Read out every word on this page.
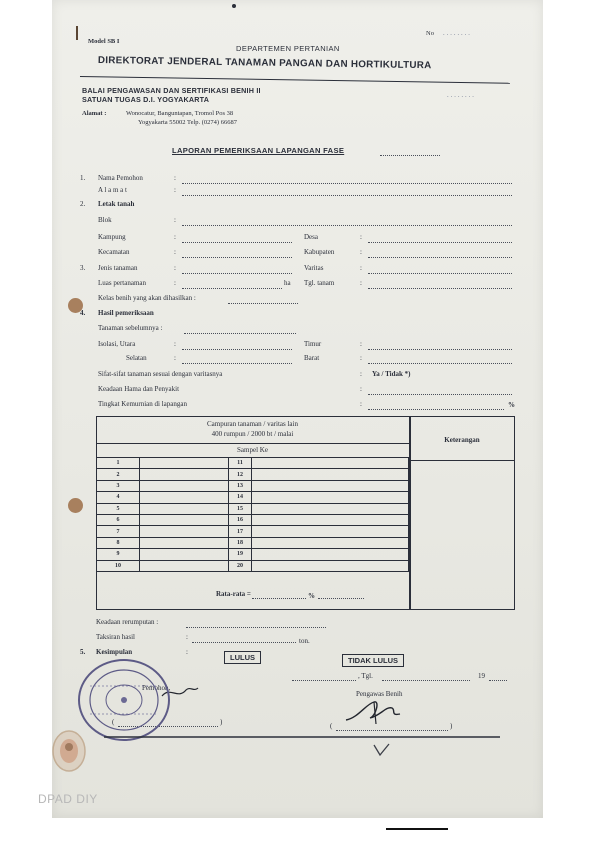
Model SB I
No ........
DEPARTEMEN PERTANIAN
DIREKTORAT JENDERAL TANAMAN PANGAN DAN HORTIKULTURA
BALAI PENGAWASAN DAN SERTIFIKASI BENIH II
SATUAN TUGAS D.I. YOGYAKARTA	........
Alamat :	Wonocatur, Banguntapan, Tromol Pos 38
Yogyakarta 55002 Telp. (0274) 66687
LAPORAN PEMERIKSAAN LAPANGAN FASE
1. Nama Pemohon	:
A l a m a t	:
2. Letak tanah
Blok	:
Kampung	:	Desa	:
Kecamatan	:	Kabupaten	:
3. Jenis tanaman	:	Varitas	:
Luas pertanaman	:	ha Tgl. tanam	:
Kelas benih yang akan dihasilkan :
4. Hasil pemeriksaan
Tanaman sebelumnya :
Isolasi, Utara	:	Timur	:
Selatan	:	Barat	:
Sifat-sifat tanaman sesuai dengan varitasnya	: Ya / Tidak *)
Keadaan Hama dan Penyakit	:
Tingkat Kemurnian di lapangan	:	%
Campuran tanaman / varitas lain
400 rumpun / 2000 bt / malai
Sampel Ke
Keterangan
1		11	
2		12	
3		13	
4		14	
5		15	
6		16	
7		17	
8		18	
9		19	
10		20	
Rata-rata =	%
Keadaan rerumputan :
Taksiran hasil	:	ton.
5. Kesimpulan	:
LULUS	TIDAK LULUS
, Tgl.	19
Pengawas Benih
Pemohon,
(	)	(	)
DPAD DIY
